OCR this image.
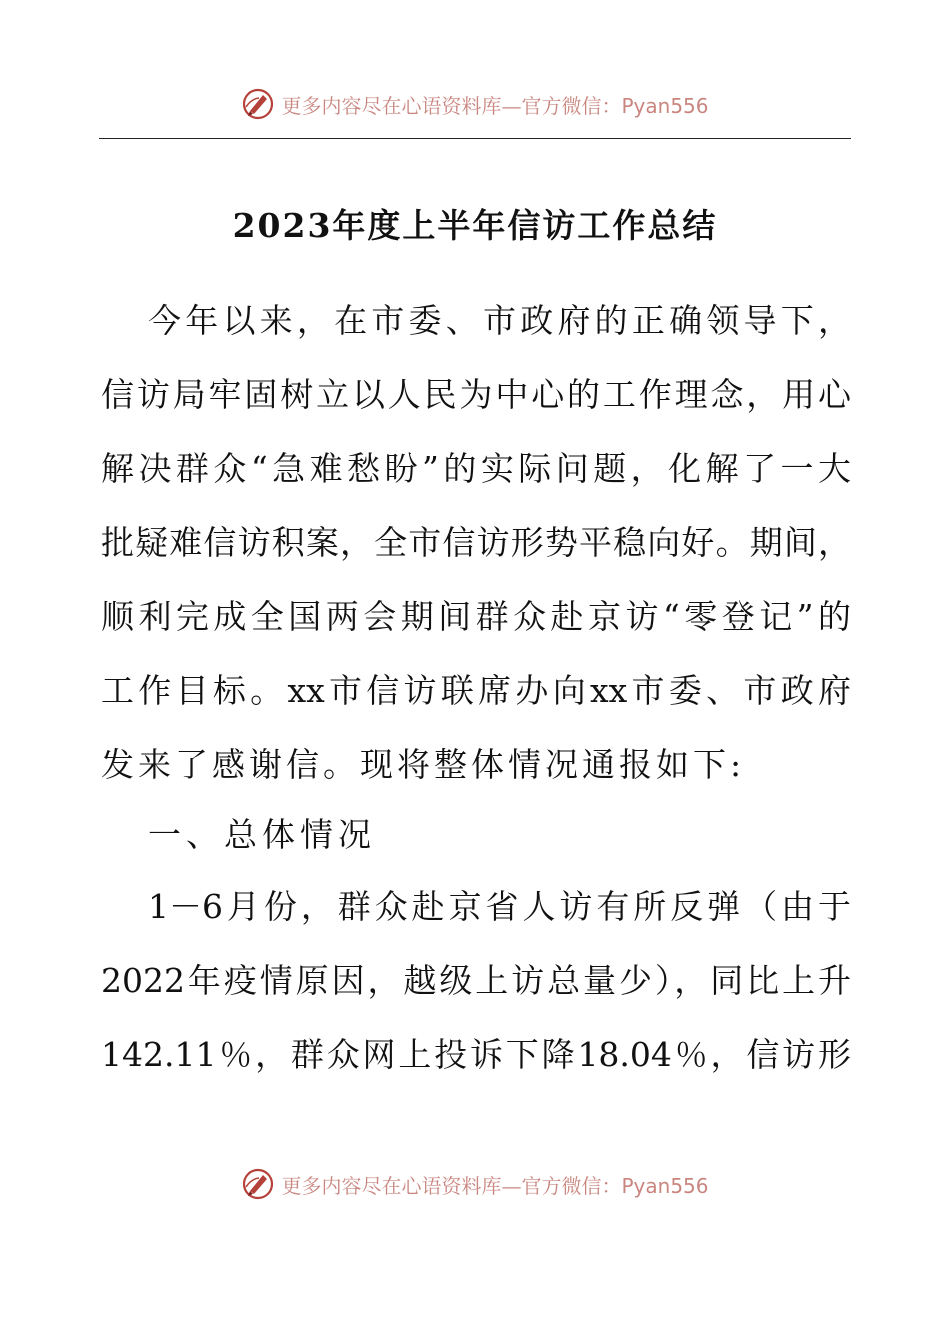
更多内容尽在心语资料库—官方微信：Pyan556
2023年度上半年信访工作总结
今年以来，在市委、市政府的正确领导下，
信访局牢固树立以人民为中心的工作理念，用心
解决群众“急难愁盼”的实际问题，化解了一大
批疑难信访积案，全市信访形势平稳向好。期间，
顺利完成全国两会期间群众赴京访“零登记”的
工作目标。xx市信访联席办向xx市委、市政府
发来了感谢信。现将整体情况通报如下:
一、总体情况
1－6月份，群众赴京省人访有所反弹（由于
2022年疫情原因，越级上访总量少），同比上升
142.11％，群众网上投诉下降18.04％，信访形
更多内容尽在心语资料库—官方微信：Pyan556
